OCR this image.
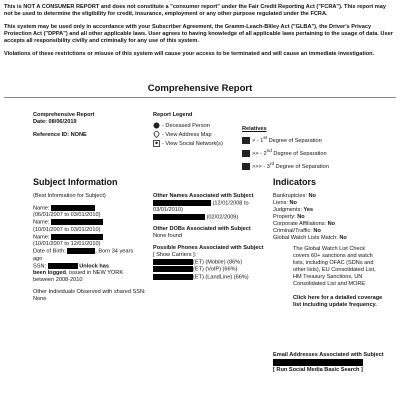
This is NOT A CONSUMER REPORT and does not constitute a "consumer report" under the Fair Credit Reporting Act ("FCRA"). This report may not be used to determine the eligibility for credit, insurance, employment or any other purpose regulated under the FCRA.

This system may be used only in accordance with your Subscriber Agreement, the Gramm-Leach-Bliley Act ("GLBA"), the Driver's Privacy Protection Act ("DPPA") and all other applicable laws. User agrees to having knowledge of all applicable laws pertaining to the usage of data. User accepts all responsibility civilly and criminally for any use of this system.

Violations of these restrictions or misuse of this system will cause your access to be terminated and will cause an immediate investigation.

Comprehensive Report
Comprehensive Report
Date: 08/06/2019
Reference ID: NONE
Report Legend
- Deceased Person
- View Address Map
- View Social Network(s)
Relatives
> - 1st Degree of Separation
>> - 2nd Degree of Separation
>>> - 3rd Degree of Separation
Subject Information
(Best Information for Subject)
Name:
(06/01/2007 to 03/01/2010)
Name:
(10/01/2007 to 03/01/2010)
Name:
(10/01/2007 to 12/01/2010)
Date of Birth:	, Born 34 years
ago
SSN:	Unlock has
been logged, issued in NEW YORK
between 2008-2010
Other Individuals Observed with shared SSN: None
Other Names Associated with Subject
(12/01/2008 to 03/01/2010)
(02/02/2009)
Other DOBs Associated with Subject
None found
Possible Phones Associated with Subject
[ Show Carriers ]:
(ET) (Mobile) (86%)
(ET) (VoIP) (66%)
(ET) (LandLine) (66%)
Indicators
Bankruptcies: No
Liens: No
Judgments: Yes
Property: No
Corporate Affiliations: No
Criminal/Traffic: No
Global Watch Lists Match: No
The Global Watch List Check covers 60+ sanctions and watch lists, including OFAC (SDNs and other lists), EU Consolidated List, HM Treasury Sanctions, UN Consolidated List and MORE
Click here for a detailed coverage list including update frequency.
Email Addresses Associated with Subject
[ Run Social Media Basic Search ]
